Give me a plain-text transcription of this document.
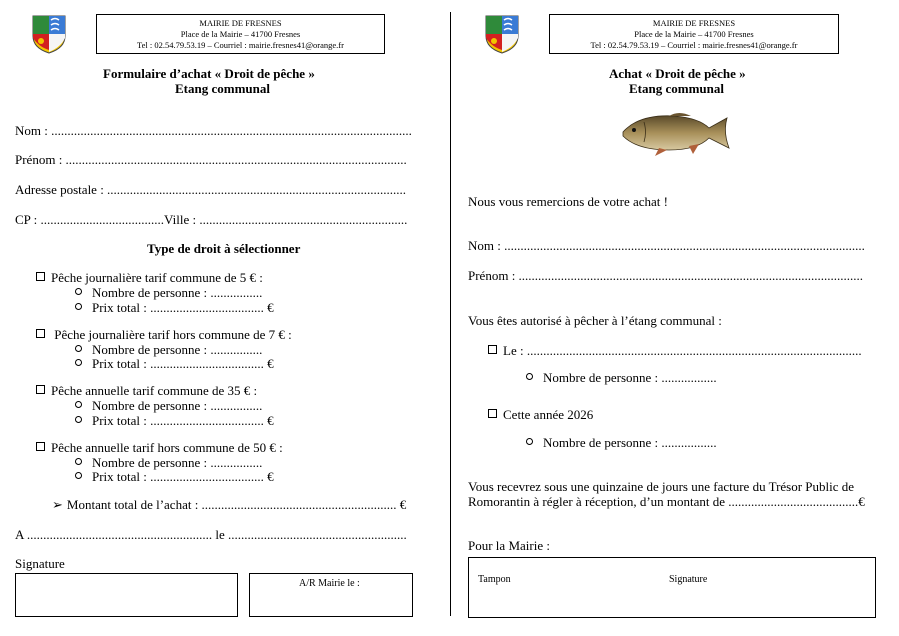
MAIRIE DE FRESNES
Place de la Mairie – 41700 Fresnes
Tel : 02.54.79.53.19 – Courriel : mairie.fresnes41@orange.fr
Formulaire d’achat « Droit de pêche »
Etang communal
Nom : ...............................................................................................................
Prénom : .........................................................................................................
Adresse postale : ............................................................................................
CP : ......................................Ville : ................................................................
Type de droit à sélectionner
Pêche journalière tarif commune de 5 € :
Nombre de personne : ................
Prix total : ................................... €
Pêche journalière tarif hors commune de 7 € :
Nombre de personne : ................
Prix total : ................................... €
Pêche annuelle tarif commune de 35 € :
Nombre de personne : ................
Prix total : ................................... €
Pêche annuelle tarif hors commune de 50 € :
Nombre de personne : ................
Prix total : ................................... €
➢ Montant total de l’achat : ............................................................ €
A ......................................................... le .......................................................
Signature
A/R Mairie le :
MAIRIE DE FRESNES
Place de la Mairie – 41700 Fresnes
Tel : 02.54.79.53.19 – Courriel : mairie.fresnes41@orange.fr
Achat « Droit de pêche »
Etang communal
Nous vous remercions de votre achat !
Nom : ...............................................................................................................
Prénom : ..........................................................................................................
Vous êtes autorisé à pêcher à l’étang communal :
Le : .......................................................................................................
Nombre de personne : .................
Cette année 2026
Nombre de personne : .................
Vous recevrez sous une quinzaine de jours une facture du Trésor Public de
Romorantin à régler à réception, d’un montant de ........................................€
Pour la Mairie :
Tampon	Signature
